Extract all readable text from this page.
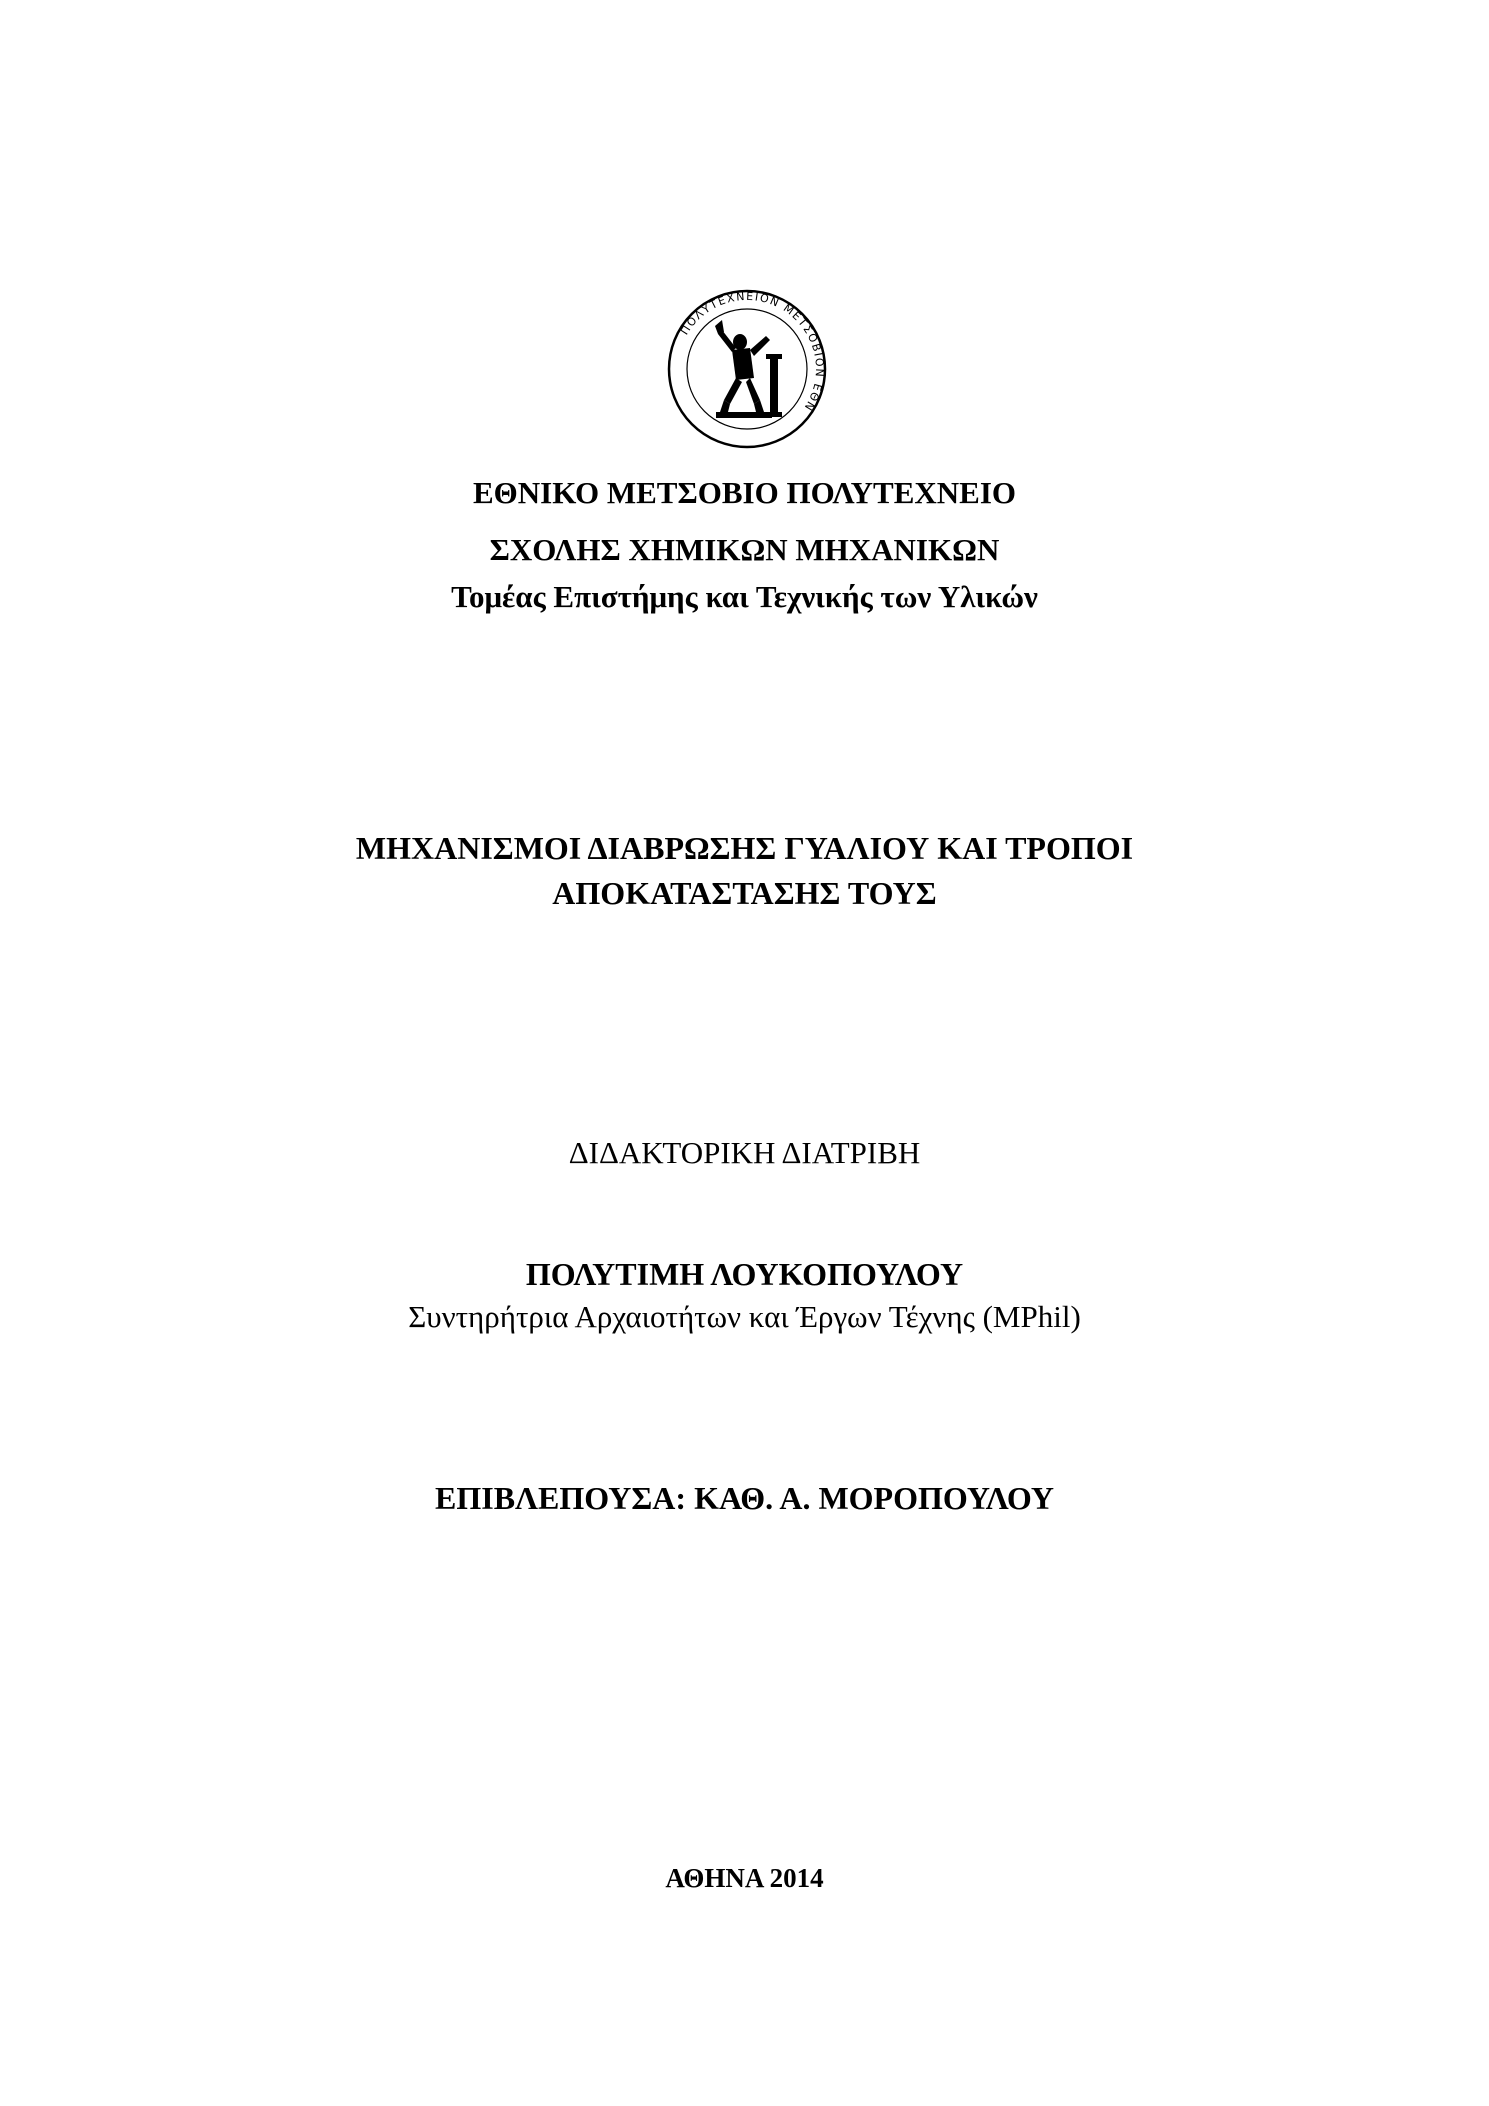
ΠΟΛΥΤΕΧΝΕΙΟΝ ΜΕΤΣΟΒΙΟΝ ΕΘΝ
ΕΘΝΙΚΟ ΜΕΤΣΟΒΙΟ ΠΟΛΥΤΕΧΝΕΙΟ
ΣΧΟΛΗΣ ΧΗΜΙΚΩΝ ΜΗΧΑΝΙΚΩΝ
Τομέας Επιστήμης και Τεχνικής των Υλικών
ΜΗΧΑΝΙΣΜΟΙ ΔΙΑΒΡΩΣΗΣ ΓΥΑΛΙΟΥ ΚΑΙ ΤΡΟΠΟΙ
ΑΠΟΚΑΤΑΣΤΑΣΗΣ ΤΟΥΣ
ΔΙΔΑΚΤΟΡΙΚΗ ΔΙΑΤΡΙΒΗ
ΠΟΛΥΤΙΜΗ ΛΟΥΚΟΠΟΥΛΟΥ
Συντηρήτρια Αρχαιοτήτων και Έργων Τέχνης (MPhil)
ΕΠΙΒΛΕΠΟΥΣΑ: ΚΑΘ. Α. ΜΟΡΟΠΟΥΛΟΥ
ΑΘΗΝΑ 2014
